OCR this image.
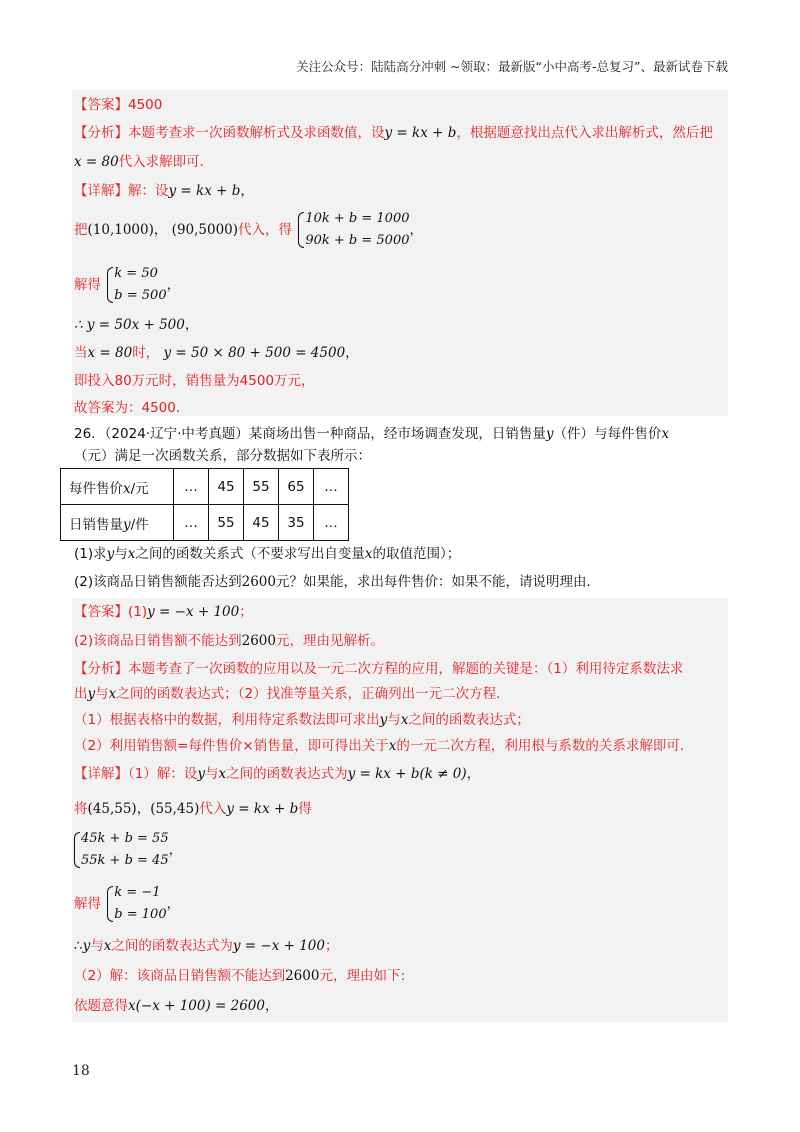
关注公众号：陆陆高分冲刺 ~领取：最新版“小中高考-总复习”、最新试卷下载
【答案】4500
【分析】本题考查求一次函数解析式及求函数值，设y = kx + b，根据题意找出点代入求出解析式，然后把
x = 80代入求解即可．
【详解】解：设y = kx + b，
把(10,1000)， (90,5000)代入，得
10k + b = 1000
90k + b = 5000
，
解得
k = 50
b = 500
，
∴ y = 50x + 500，
当x = 80时， y = 50 × 80 + 500 = 4500，
即投入80万元时，销售量为4500万元，
故答案为：4500．
26．（2024·辽宁·中考真题）某商场出售一种商品，经市场调查发现，日销售量y（件）与每件售价x
（元）满足一次函数关系，部分数据如下表所示：
每件售价x/元	…	45	55	65	…
日销售量y/件	…	55	45	35	…
(1)求y与x之间的函数关系式（不要求写出自变量x的取值范围）；
(2)该商品日销售额能否达到2600元？如果能，求出每件售价：如果不能，请说明理由．
【答案】(1)y = −x + 100；
(2)该商品日销售额不能达到2600元，理由见解析。
【分析】本题考查了一次函数的应用以及一元二次方程的应用，解题的关键是：（1）利用待定系数法求
出y与x之间的函数表达式；（2）找准等量关系，正确列出一元二次方程．
（1）根据表格中的数据，利用待定系数法即可求出y与x之间的函数表达式；
（2）利用销售额=每件售价×销售量，即可得出关于x的一元二次方程，利用根与系数的关系求解即可．
【详解】（1）解：设y与x之间的函数表达式为y = kx + b(k ≠ 0)，
将(45,55)，(55,45)代入y = kx + b得
45k + b = 55
55k + b = 45
，
解得
k = −1
b = 100
，
∴y与x之间的函数表达式为y = −x + 100；
（2）解：该商品日销售额不能达到2600元，理由如下:
依题意得x(−x + 100) = 2600，
18
